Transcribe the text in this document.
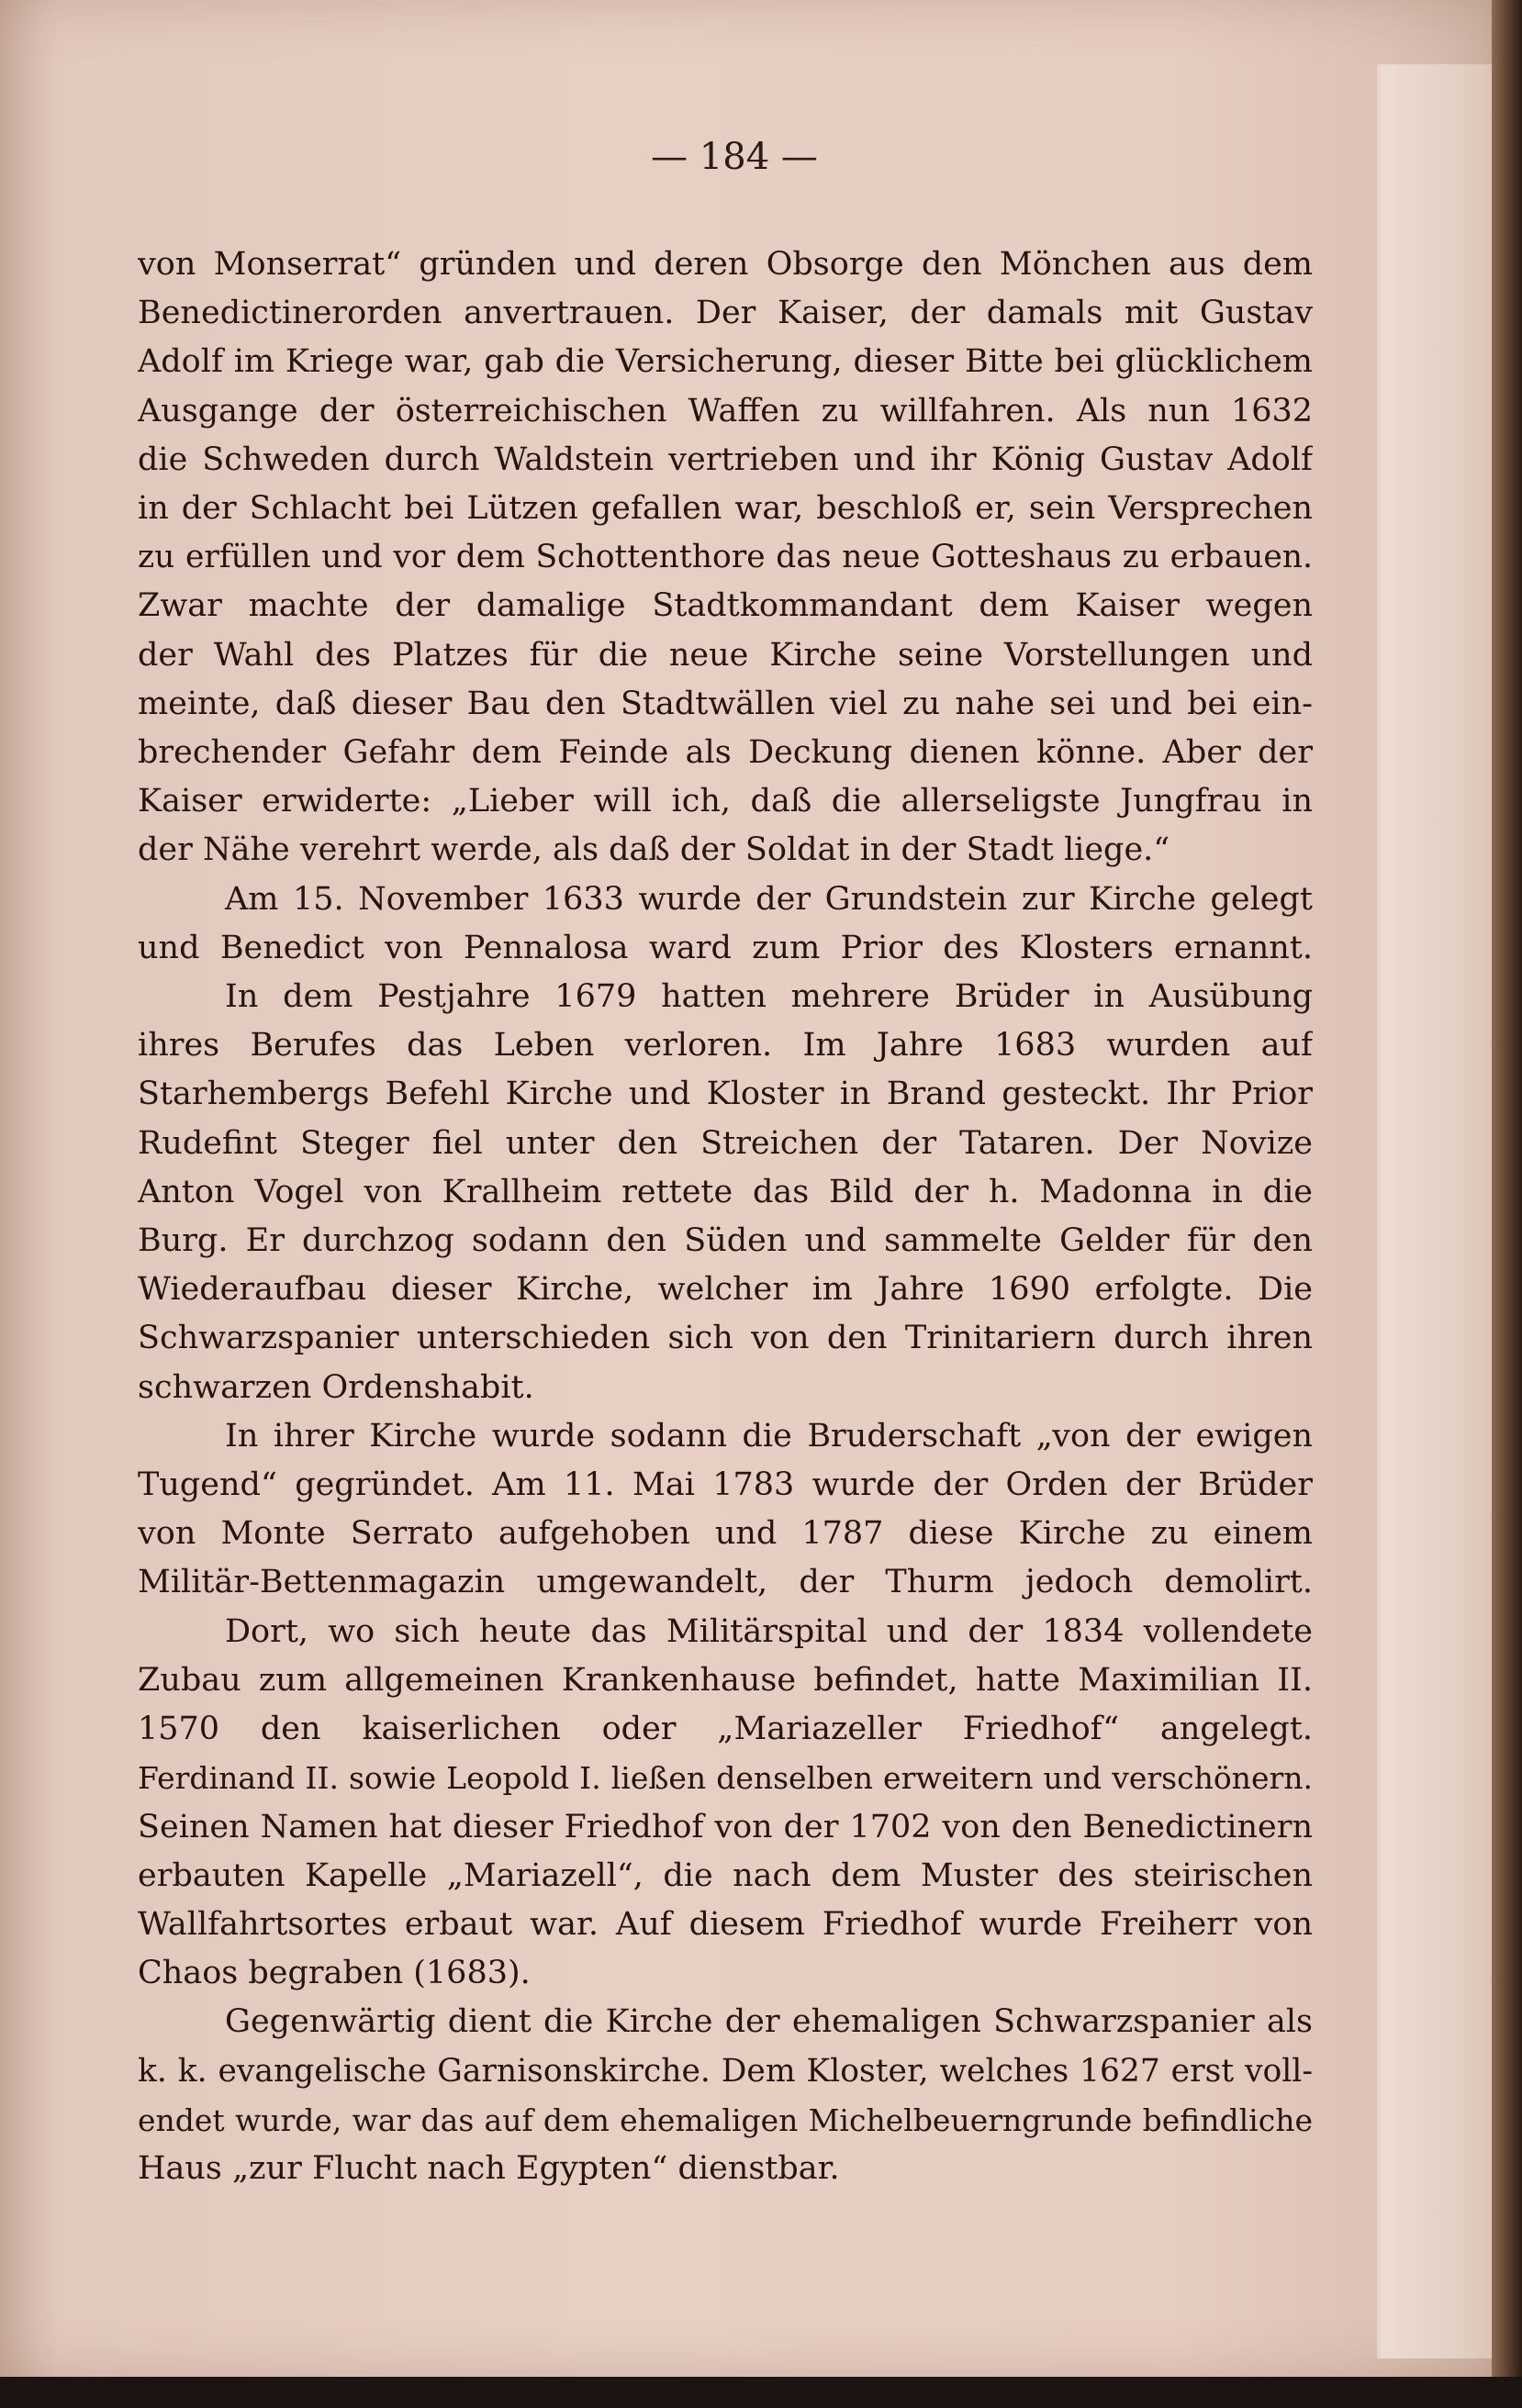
— 184 —

von Monserrat“ gründen und deren Obsorge den Mönchen aus dem
Benedictinerorden anvertrauen. Der Kaiser, der damals mit Gustav
Adolf im Kriege war, gab die Versicherung, dieser Bitte bei glücklichem
Ausgange der österreichischen Waffen zu willfahren. Als nun 1632
die Schweden durch Waldstein vertrieben und ihr König Gustav Adolf
in der Schlacht bei Lützen gefallen war, beschloß er, sein Versprechen
zu erfüllen und vor dem Schottenthore das neue Gotteshaus zu erbauen.
Zwar machte der damalige Stadtkommandant dem Kaiser wegen
der Wahl des Platzes für die neue Kirche seine Vorstellungen und
meinte, daß dieser Bau den Stadtwällen viel zu nahe sei und bei ein-
brechender Gefahr dem Feinde als Deckung dienen könne. Aber der
Kaiser erwiderte: „Lieber will ich, daß die allerseligste Jungfrau in
der Nähe verehrt werde, als daß der Soldat in der Stadt liege.“

Am 15. November 1633 wurde der Grundstein zur Kirche gelegt
und Benedict von Pennalosa ward zum Prior des Klosters ernannt.

In dem Pestjahre 1679 hatten mehrere Brüder in Ausübung
ihres Berufes das Leben verloren. Im Jahre 1683 wurden auf
Starhembergs Befehl Kirche und Kloster in Brand gesteckt. Ihr Prior
Rudefint Steger fiel unter den Streichen der Tataren. Der Novize
Anton Vogel von Krallheim rettete das Bild der h. Madonna in die
Burg. Er durchzog sodann den Süden und sammelte Gelder für den
Wiederaufbau dieser Kirche, welcher im Jahre 1690 erfolgte. Die
Schwarzspanier unterschieden sich von den Trinitariern durch ihren
schwarzen Ordenshabit.

In ihrer Kirche wurde sodann die Bruderschaft „von der ewigen
Tugend“ gegründet. Am 11. Mai 1783 wurde der Orden der Brüder
von Monte Serrato aufgehoben und 1787 diese Kirche zu einem
Militär-Bettenmagazin umgewandelt, der Thurm jedoch demolirt.

Dort, wo sich heute das Militärspital und der 1834 vollendete
Zubau zum allgemeinen Krankenhause befindet, hatte Maximilian II.
1570 den kaiserlichen oder „Mariazeller Friedhof“ angelegt.
Ferdinand II. sowie Leopold I. ließen denselben erweitern und verschönern.
Seinen Namen hat dieser Friedhof von der 1702 von den Benedictinern
erbauten Kapelle „Mariazell“, die nach dem Muster des steirischen
Wallfahrtsortes erbaut war. Auf diesem Friedhof wurde Freiherr von
Chaos begraben (1683).

Gegenwärtig dient die Kirche der ehemaligen Schwarzspanier als
k. k. evangelische Garnisonskirche. Dem Kloster, welches 1627 erst voll-
endet wurde, war das auf dem ehemaligen Michelbeuerngrunde befindliche
Haus „zur Flucht nach Egypten“ dienstbar.
